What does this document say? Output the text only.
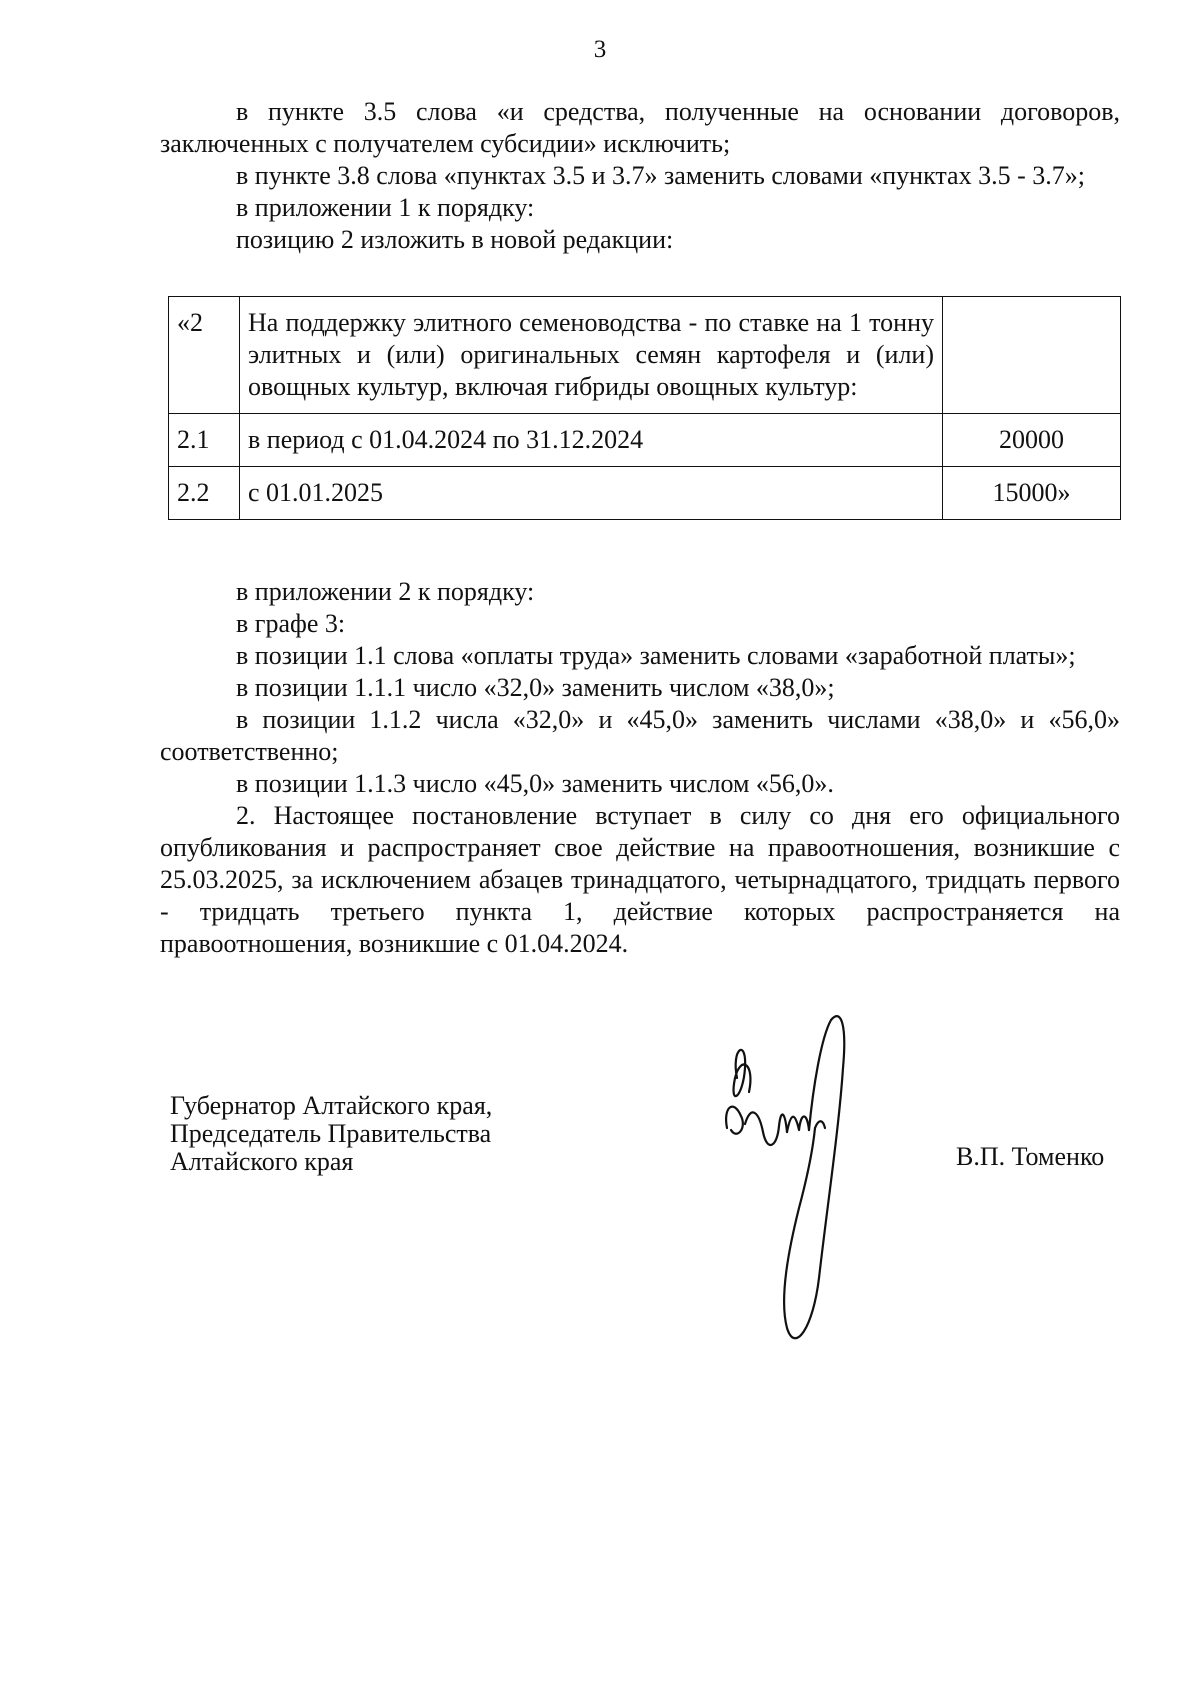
3

в пункте 3.5 слова «и средства, полученные на основании договоров, заключенных с получателем субсидии» исключить;

в пункте 3.8 слова «пунктах 3.5 и 3.7» заменить словами «пунктах 3.5 - 3.7»;

в приложении 1 к порядку:

позицию 2 изложить в новой редакции:

«2	На поддержку элитного семеноводства - по ставке на 1 тонну элитных и (или) оригинальных семян картофеля и (или) овощных культур, включая гибриды овощных культур:	
2.1	в период с 01.04.2024 по 31.12.2024	20000
2.2	с 01.01.2025	15000»

в приложении 2 к порядку:

в графе 3:

в позиции 1.1 слова «оплаты труда» заменить словами «заработной платы»;

в позиции 1.1.1 число «32,0» заменить числом «38,0»;

в позиции 1.1.2 числа «32,0» и «45,0» заменить числами «38,0» и «56,0» соответственно;

в позиции 1.1.3 число «45,0» заменить числом «56,0».

2. Настоящее постановление вступает в силу со дня его официального опубликования и распространяет свое действие на правоотношения, возникшие с 25.03.2025, за исключением абзацев тринадцатого, четырнадцатого, тридцать первого - тридцать третьего пункта 1, действие которых распространяется на правоотношения, возникшие с 01.04.2024.

Губернатор Алтайского края,
Председатель Правительства
Алтайского края	В.П. Томенко
